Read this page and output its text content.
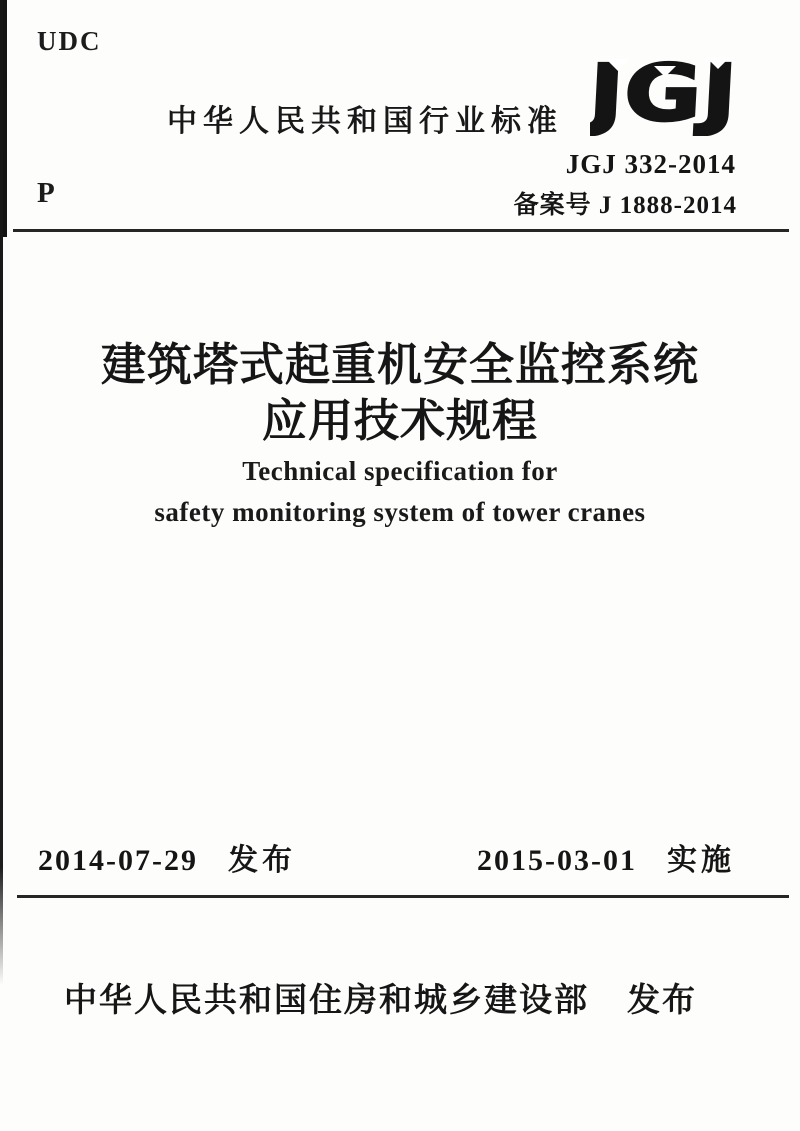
UDC
中华人民共和国行业标准 JGJ
JGJ 332-2014
备案号 J 1888-2014
P
建筑塔式起重机安全监控系统
应用技术规程
Technical specification for
safety monitoring system of tower cranes
2014-07-29 发布	2015-03-01 实施
中华人民共和国住房和城乡建设部 发布
